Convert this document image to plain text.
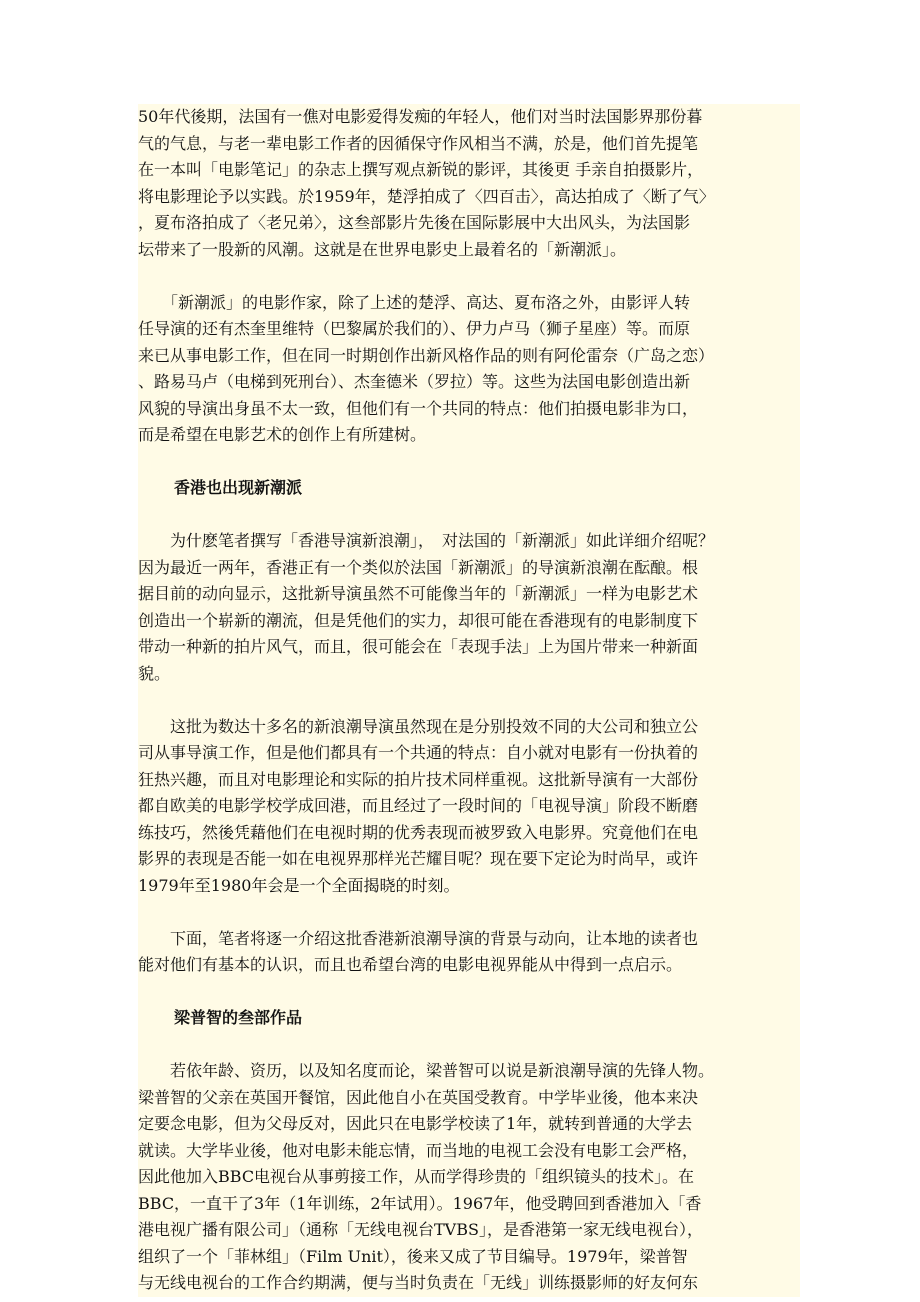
50年代後期，法国有一僬对电影爱得发痴的年轻人，他们对当时法国影界那份暮
气的气息，与老一辈电影工作者的因循保守作风相当不满，於是，他们首先提笔
在一本叫「电影笔记」的杂志上撰写观点新锐的影评，其後更 手亲自拍摄影片，
将电影理论予以实践。於1959年，楚浮拍成了〈四百击〉，高达拍成了〈断了气〉
，夏布洛拍成了〈老兄弟〉，这叁部影片先後在国际影展中大出风头，为法国影
坛带来了一股新的风潮。这就是在世界电影史上最着名的「新潮派」。
　　「新潮派」的电影作家，除了上述的楚浮、高达、夏布洛之外，由影评人转
任导演的还有杰奎里维特（巴黎属於我们的）、伊力卢马（狮子星座）等。而原
来已从事电影工作，但在同一时期创作出新风格作品的则有阿伦雷奈（广岛之恋）
、路易马卢（电梯到死刑台）、杰奎德米（罗拉）等。这些为法国电影创造出新
风貌的导演出身虽不太一致，但他们有一个共同的特点：他们拍摄电影非为口，
而是希望在电影艺术的创作上有所建树。
香港也出现新潮派
　　为什麽笔者撰写「香港导演新浪潮」，　对法国的「新潮派」如此详细介绍呢？
因为最近一两年，香港正有一个类似於法国「新潮派」的导演新浪潮在酝酿。根
据目前的动向显示，这批新导演虽然不可能像当年的「新潮派」一样为电影艺术
创造出一个崭新的潮流，但是凭他们的实力，却很可能在香港现有的电影制度下
带动一种新的拍片风气，而且，很可能会在「表现手法」上为国片带来一种新面
貌。
　　这批为数达十多名的新浪潮导演虽然现在是分别投效不同的大公司和独立公
司从事导演工作，但是他们都具有一个共通的特点：自小就对电影有一份执着的
狂热兴趣，而且对电影理论和实际的拍片技术同样重视。这批新导演有一大部份
都自欧美的电影学校学成回港，而且经过了一段时间的「电视导演」阶段不断磨
练技巧，然後凭藉他们在电视时期的优秀表现而被罗致入电影界。究竟他们在电
影界的表现是否能一如在电视界那样光芒耀目呢？现在要下定论为时尚早，或许
1979年至1980年会是一个全面揭晓的时刻。
　　下面，笔者将逐一介绍这批香港新浪潮导演的背景与动向，让本地的读者也
能对他们有基本的认识，而且也希望台湾的电影电视界能从中得到一点启示。
梁普智的叁部作品
　　若依年龄、资历，以及知名度而论，梁普智可以说是新浪潮导演的先锋人物。
梁普智的父亲在英国开餐馆，因此他自小在英国受教育。中学毕业後，他本来决
定要念电影，但为父母反对，因此只在电影学校读了1年，就转到普通的大学去
就读。大学毕业後，他对电影未能忘情，而当地的电视工会没有电影工会严格，
因此他加入BBC电视台从事剪接工作，从而学得珍贵的「组织镜头的技术」。在
BBC，一直干了3年（1年训练，2年试用）。1967年，他受聘回到香港加入「香
港电视广播有限公司」（通称「无线电视台TVBS」，是香港第一家无线电视台），
组织了一个「菲林组」（Film Unit），後来又成了节目编导。1979年，梁普智
与无线电视台的工作合约期满，便与当时负责在「无线」训练摄影师的好友何东
